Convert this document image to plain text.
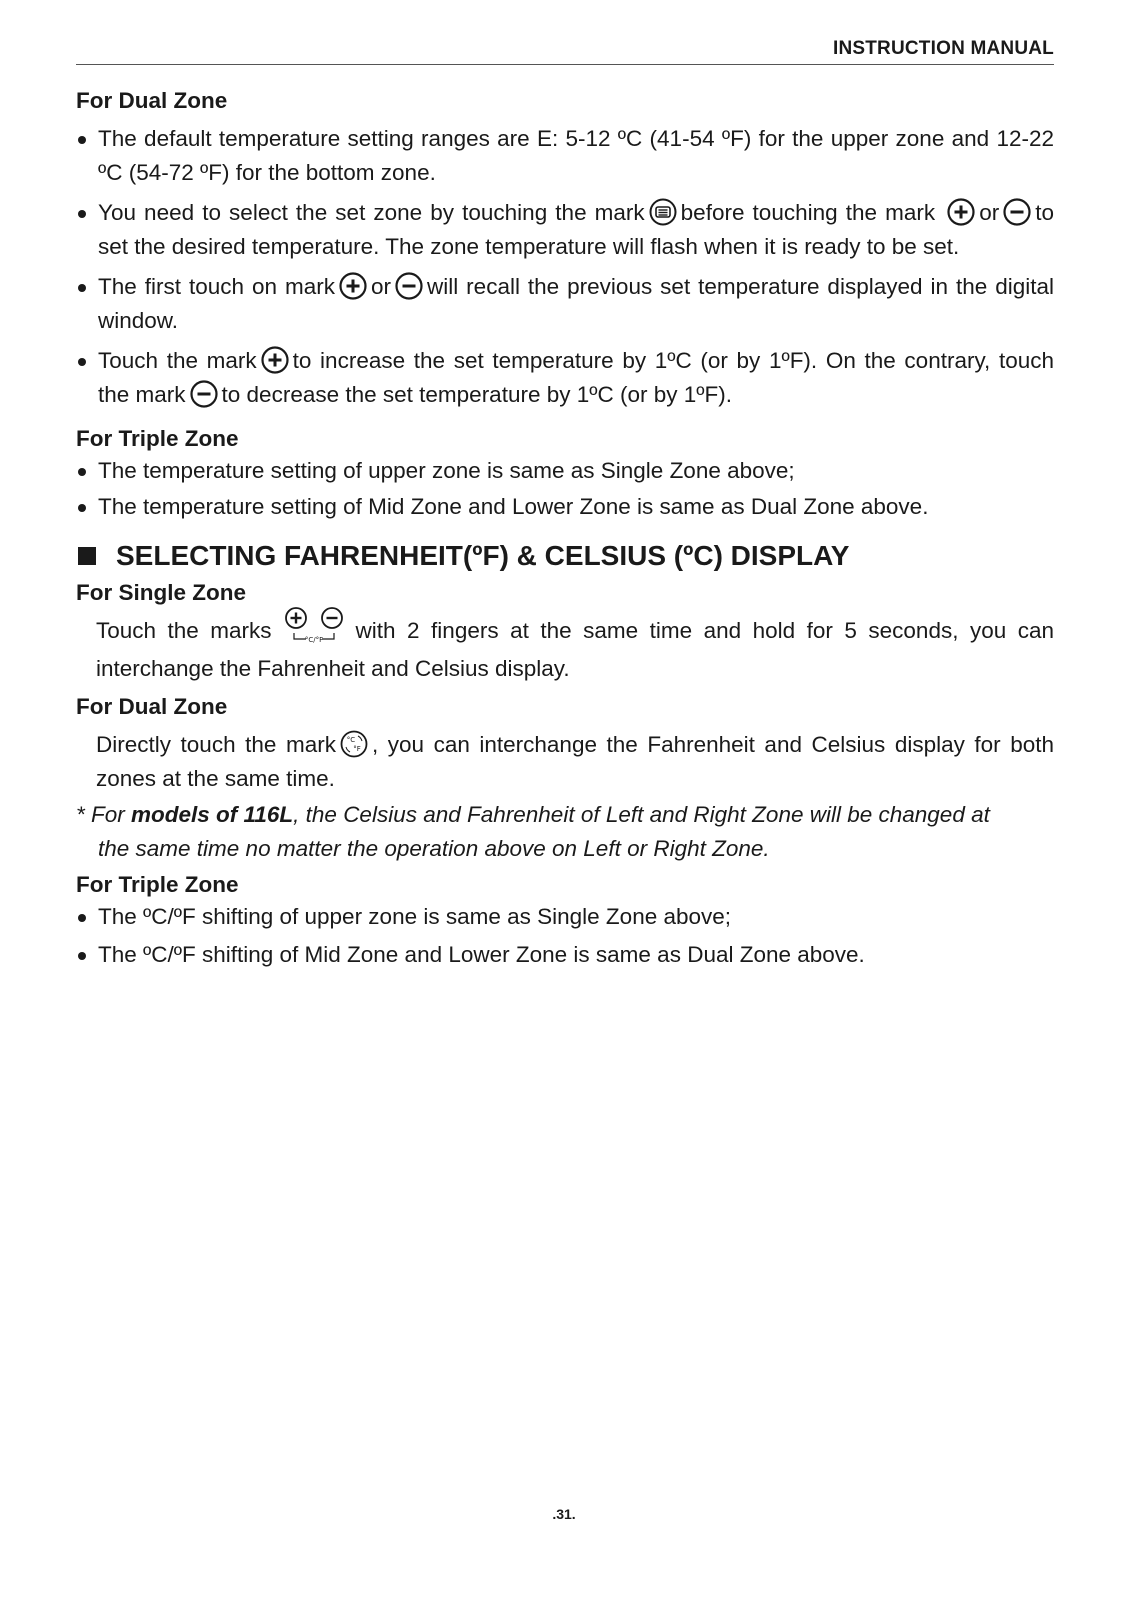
INSTRUCTION MANUAL

For Dual Zone

The default temperature setting ranges are E: 5-12 ºC (41-54 ºF) for the upper zone and 12-22 ºC (54-72 ºF) for the bottom zone.

You need to select the set zone by touching the mark before touching the mark or to set the desired temperature. The zone temperature will flash when it is ready to be set.

The first touch on mark or will recall the previous set temperature displayed in the digital window.

Touch the mark to increase the set temperature by 1ºC (or by 1ºF). On the contrary, touch the mark to decrease the set temperature by 1ºC (or by 1ºF).

For Triple Zone

The temperature setting of upper zone is same as Single Zone above;

The temperature setting of Mid Zone and Lower Zone is same as Dual Zone above.

SELECTING FAHRENHEIT(ºF) & CELSIUS (ºC) DISPLAY

For Single Zone

Touch the marks	°C/°F with 2 fingers at the same time and hold for 5 seconds, you can interchange the Fahrenheit and Celsius display.

For Dual Zone

Directly touch the mark °C
°F , you can interchange the Fahrenheit and Celsius display for both zones at the same time.

* For models of 116L, the Celsius and Fahrenheit of Left and Right Zone will be changed at
the same time no matter the operation above on Left or Right Zone.

For Triple Zone

The ºC/ºF shifting of upper zone is same as Single Zone above;

The ºC/ºF shifting of Mid Zone and Lower Zone is same as Dual Zone above.

.31.
